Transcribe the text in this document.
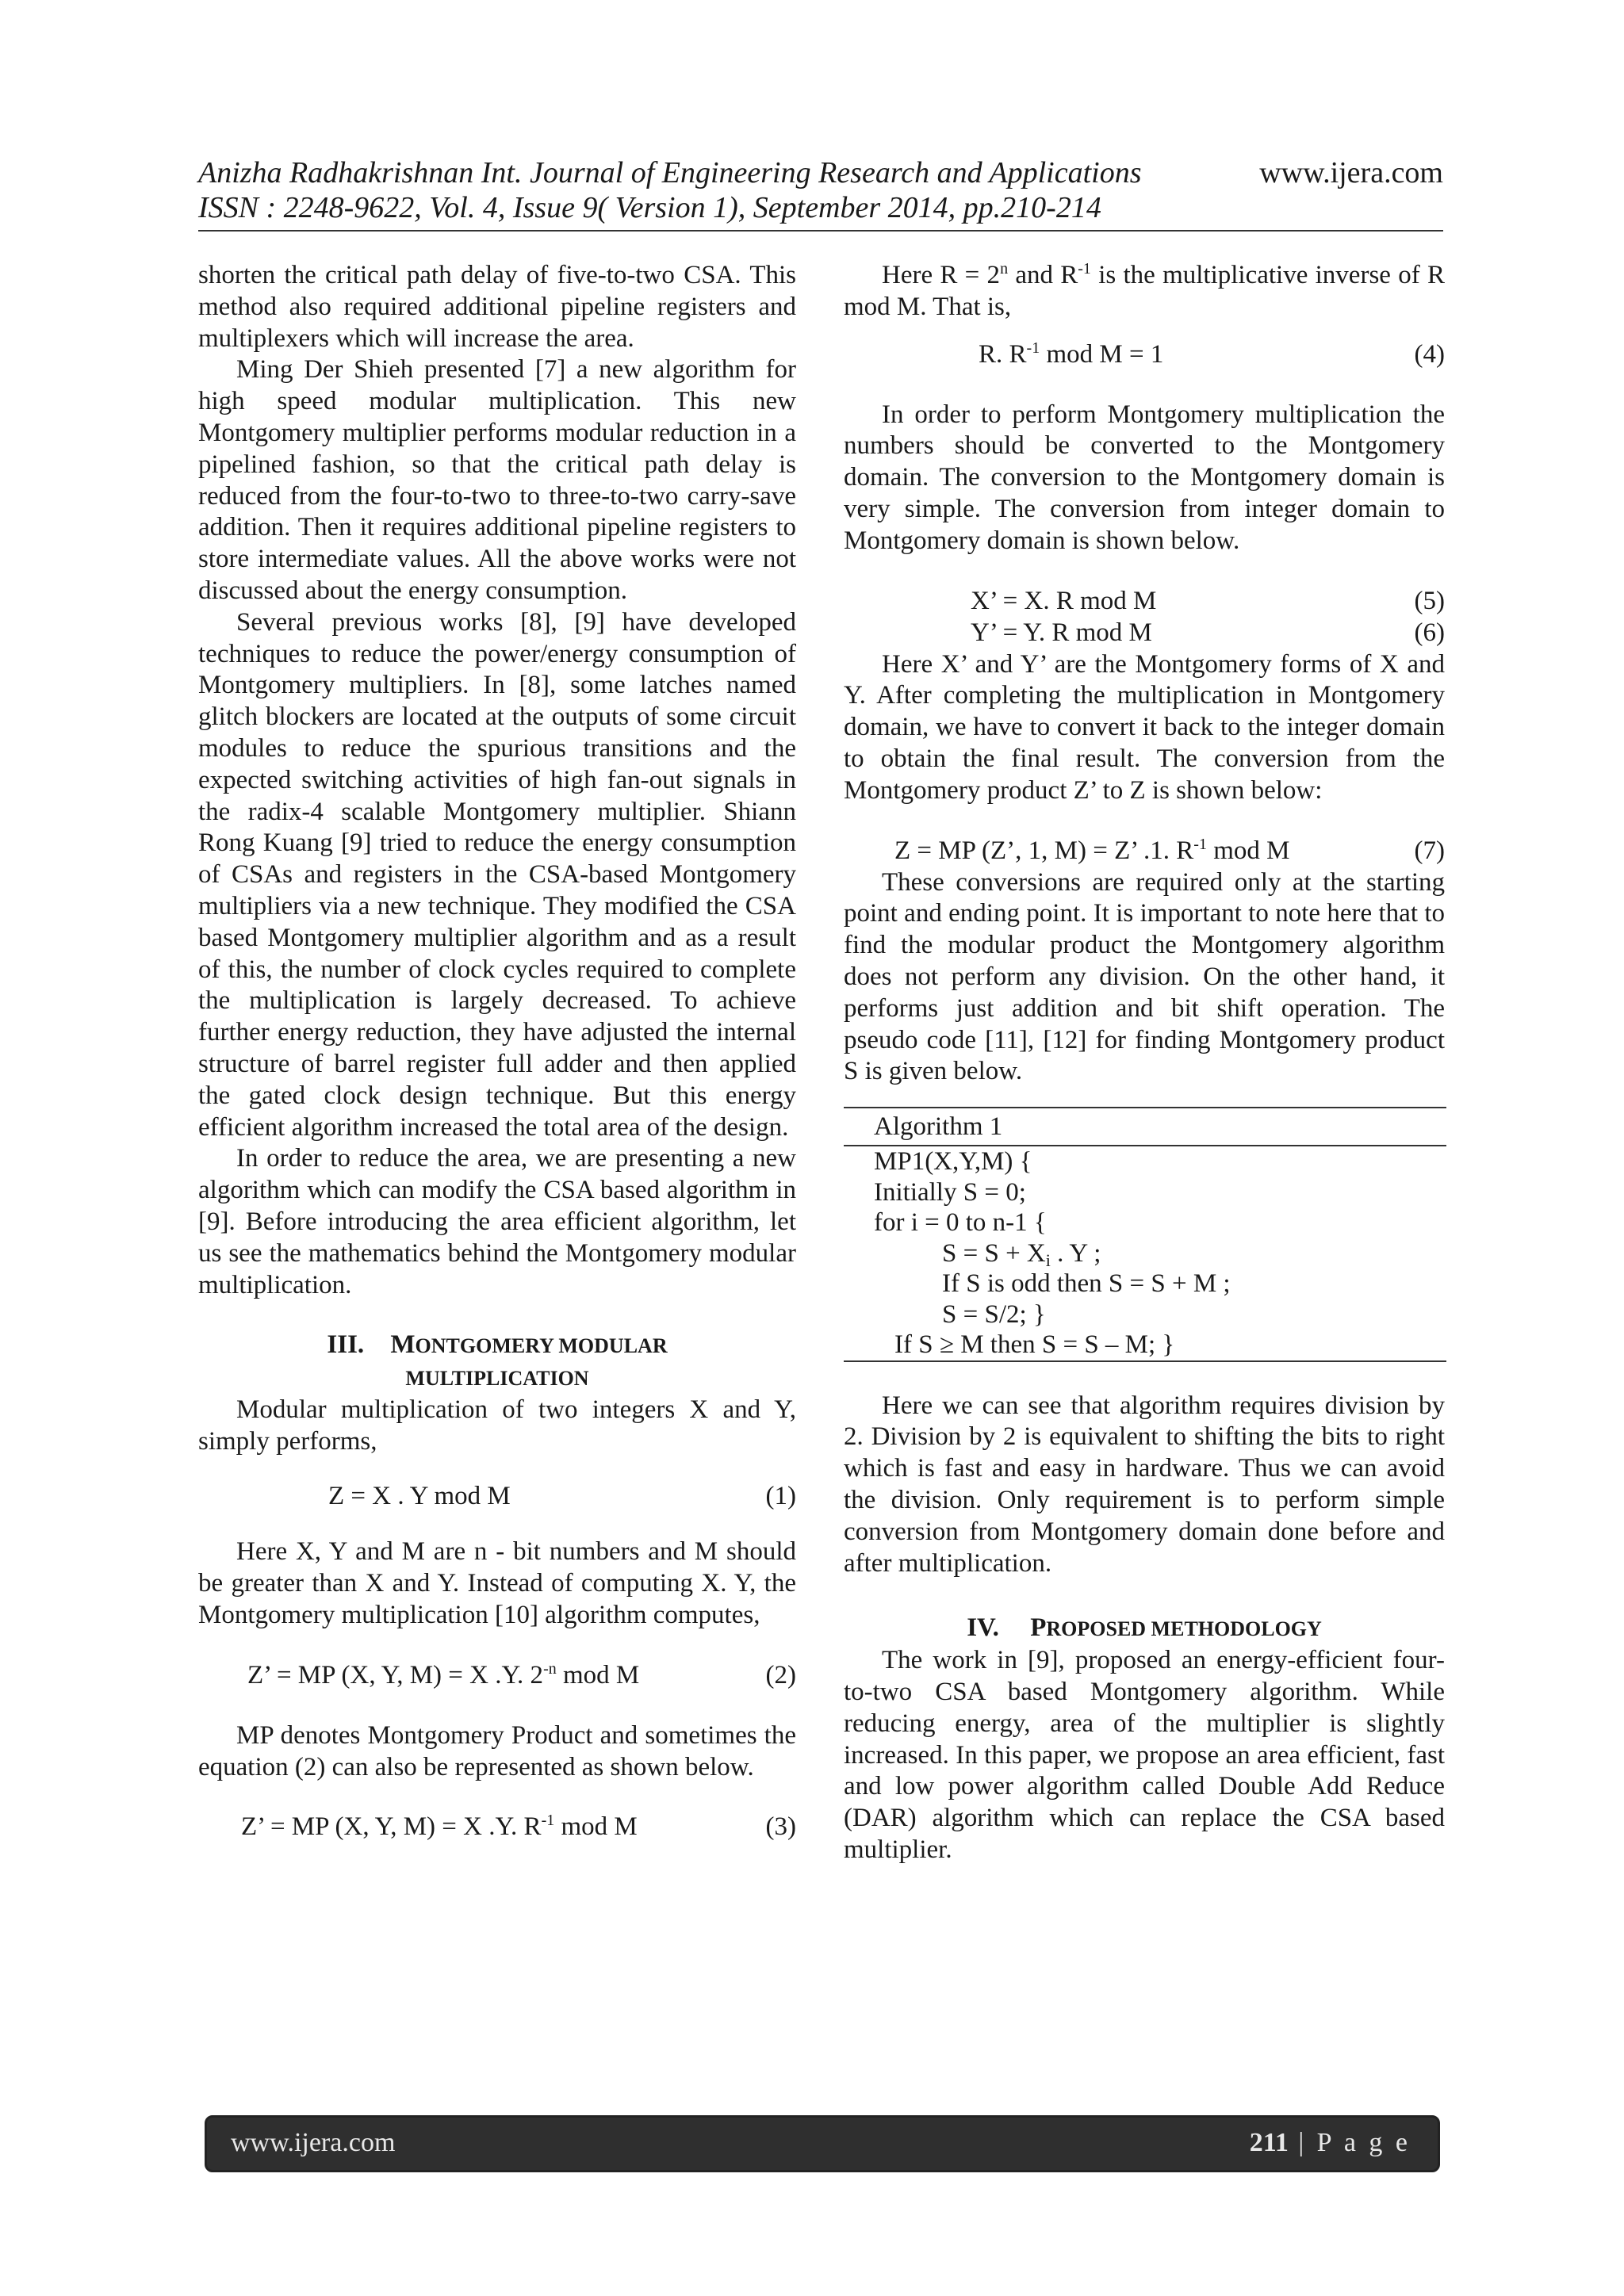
Anizha Radhakrishnan Int. Journal of Engineering Research and Applications
ISSN : 2248-9622, Vol. 4, Issue 9( Version 1), September 2014, pp.210-214
www.ijera.com

shorten the critical path delay of five-to-two CSA. This method also required additional pipeline registers and multiplexers which will increase the area.

Ming Der Shieh presented [7] a new algorithm for high speed modular multiplication. This new Montgomery multiplier performs modular reduction in a pipelined fashion, so that the critical path delay is reduced from the four-to-two to three-to-two carry-save addition. Then it requires additional pipeline registers to store intermediate values. All the above works were not discussed about the energy consumption.

Several previous works [8], [9] have developed techniques to reduce the power/energy consumption of Montgomery multipliers. In [8], some latches named glitch blockers are located at the outputs of some circuit modules to reduce the spurious transitions and the expected switching activities of high fan-out signals in the radix-4 scalable Montgomery multiplier. Shiann Rong Kuang [9] tried to reduce the energy consumption of CSAs and registers in the CSA-based Montgomery multipliers via a new technique. They modified the CSA based Montgomery multiplier algorithm and as a result of this, the number of clock cycles required to complete the multiplication is largely decreased. To achieve further energy reduction, they have adjusted the internal structure of barrel register full adder and then applied the gated clock design technique. But this energy efficient algorithm increased the total area of the design.

In order to reduce the area, we are presenting a new algorithm which can modify the CSA based algorithm in [9]. Before introducing the area efficient algorithm, let us see the mathematics behind the Montgomery modular multiplication.

III. MONTGOMERY MODULAR
MULTIPLICATION

Modular multiplication of two integers X and Y, simply performs,

Z = X . Y mod M	(1)

Here X, Y and M are n - bit numbers and M should be greater than X and Y. Instead of computing X. Y, the Montgomery multiplication [10] algorithm computes,

Z’ = MP (X, Y, M) = X .Y. $2^{-n}$ mod M	(2)

MP denotes Montgomery Product and sometimes the equation (2) can also be represented as shown below.

Z’ = MP (X, Y, M) = X .Y. $R^{-1}$ mod M	(3)

Here $R = 2^n$ and $R^{-1}$ is the multiplicative inverse of R mod M. That is,

R. $R^{-1}$ mod M = 1	(4)

In order to perform Montgomery multiplication the numbers should be converted to the Montgomery domain. The conversion to the Montgomery domain is very simple. The conversion from integer domain to Montgomery domain is shown below.

X’ = X. R mod M	(5)
Y’ = Y. R mod M	(6)

Here X’ and Y’ are the Montgomery forms of X and Y. After completing the multiplication in Montgomery domain, we have to convert it back to the integer domain to obtain the final result. The conversion from the Montgomery product Z’ to Z is shown below:

Z = MP (Z’, 1, M) = Z’ .1. $R^{-1}$ mod M	(7)

These conversions are required only at the starting point and ending point. It is important to note here that to find the modular product the Montgomery algorithm does not perform any division. On the other hand, it performs just addition and bit shift operation. The pseudo code [11], [12] for finding Montgomery product S is given below.

Algorithm 1
MP1(X,Y,M) {
Initially S = 0;
for i = 0 to n-1 {
$S = S + X_i$ . Y ;
If S is odd then S = S + M ;
S = S/2; }
If S ≥ M then S = S – M; }

Here we can see that algorithm requires division by 2. Division by 2 is equivalent to shifting the bits to right which is fast and easy in hardware. Thus we can avoid the division. Only requirement is to perform simple conversion from Montgomery domain done before and after multiplication.

IV. PROPOSED METHODOLOGY

The work in [9], proposed an energy-efficient four-to-two CSA based Montgomery algorithm. While reducing energy, area of the multiplier is slightly increased. In this paper, we propose an area efficient, fast and low power algorithm called Double Add Reduce (DAR) algorithm which can replace the CSA based multiplier.

www.ijera.com	211 | P a g e
